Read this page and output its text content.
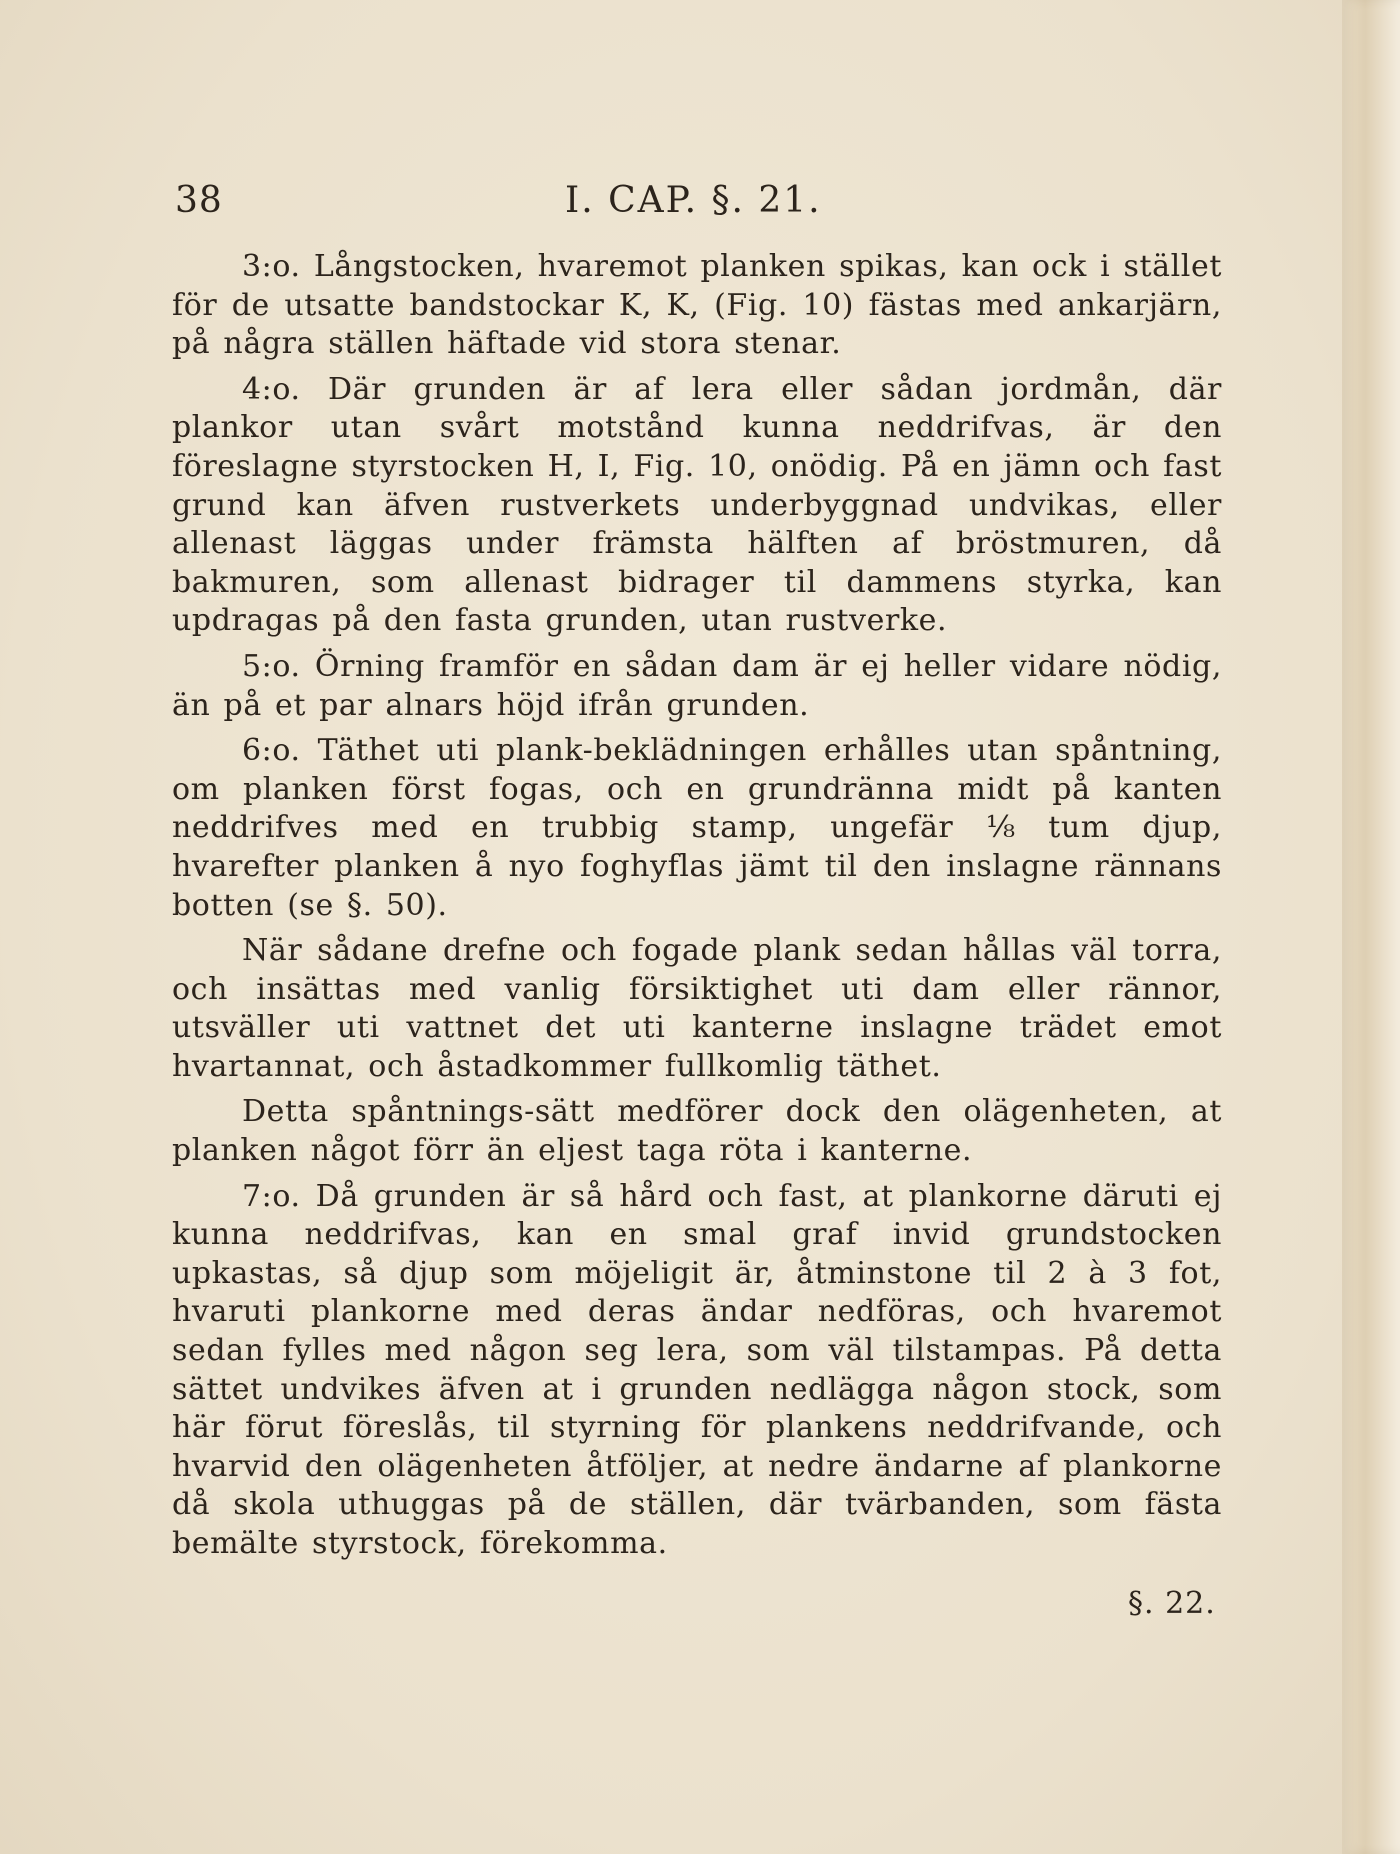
38	I. CAP. §. 21.

3:o. Långstocken, hvaremot planken spikas, kan ock i stället för de utsatte bandstockar K, K, (Fig. 10) fästas med ankarjärn, på några ställen häftade vid stora stenar.

4:o. Där grunden är af lera eller sådan jordmån, där plankor utan svårt motstånd kunna neddrifvas, är den föreslagne styrstocken H, I, Fig. 10, onödig. På en jämn och fast grund kan äfven rustverkets underbyggnad undvikas, eller allenast läggas under främsta hälften af bröstmuren, då bakmuren, som allenast bidrager til dammens styrka, kan updragas på den fasta grunden, utan rustverke.

5:o. Örning framför en sådan dam är ej heller vidare nödig, än på et par alnars höjd ifrån grunden.

6:o. Täthet uti plank-beklädningen erhålles utan spåntning, om planken först fogas, och en grundränna midt på kanten neddrifves med en trubbig stamp, ungefär ⅛ tum djup, hvarefter planken å nyo foghyflas jämt til den inslagne rännans botten (se §. 50).

När sådane drefne och fogade plank sedan hållas väl torra, och insättas med vanlig försiktighet uti dam eller rännor, utsväller uti vattnet det uti kanterne inslagne trädet emot hvartannat, och åstadkommer fullkomlig täthet.

Detta spåntnings-sätt medförer dock den olägenheten, at planken något förr än eljest taga röta i kanterne.

7:o. Då grunden är så hård och fast, at plankorne däruti ej kunna neddrifvas, kan en smal graf invid grundstocken upkastas, så djup som möjeligit är, åtminstone til 2 à 3 fot, hvaruti plankorne med deras ändar nedföras, och hvaremot sedan fylles med någon seg lera, som väl tilstampas. På detta sättet undvikes äfven at i grunden nedlägga någon stock, som här förut föreslås, til styrning för plankens neddrifvande, och hvarvid den olägenheten åtföljer, at nedre ändarne af plankorne då skola uthuggas på de ställen, där tvärbanden, som fästa bemälte styrstock, förekomma.

§. 22.
